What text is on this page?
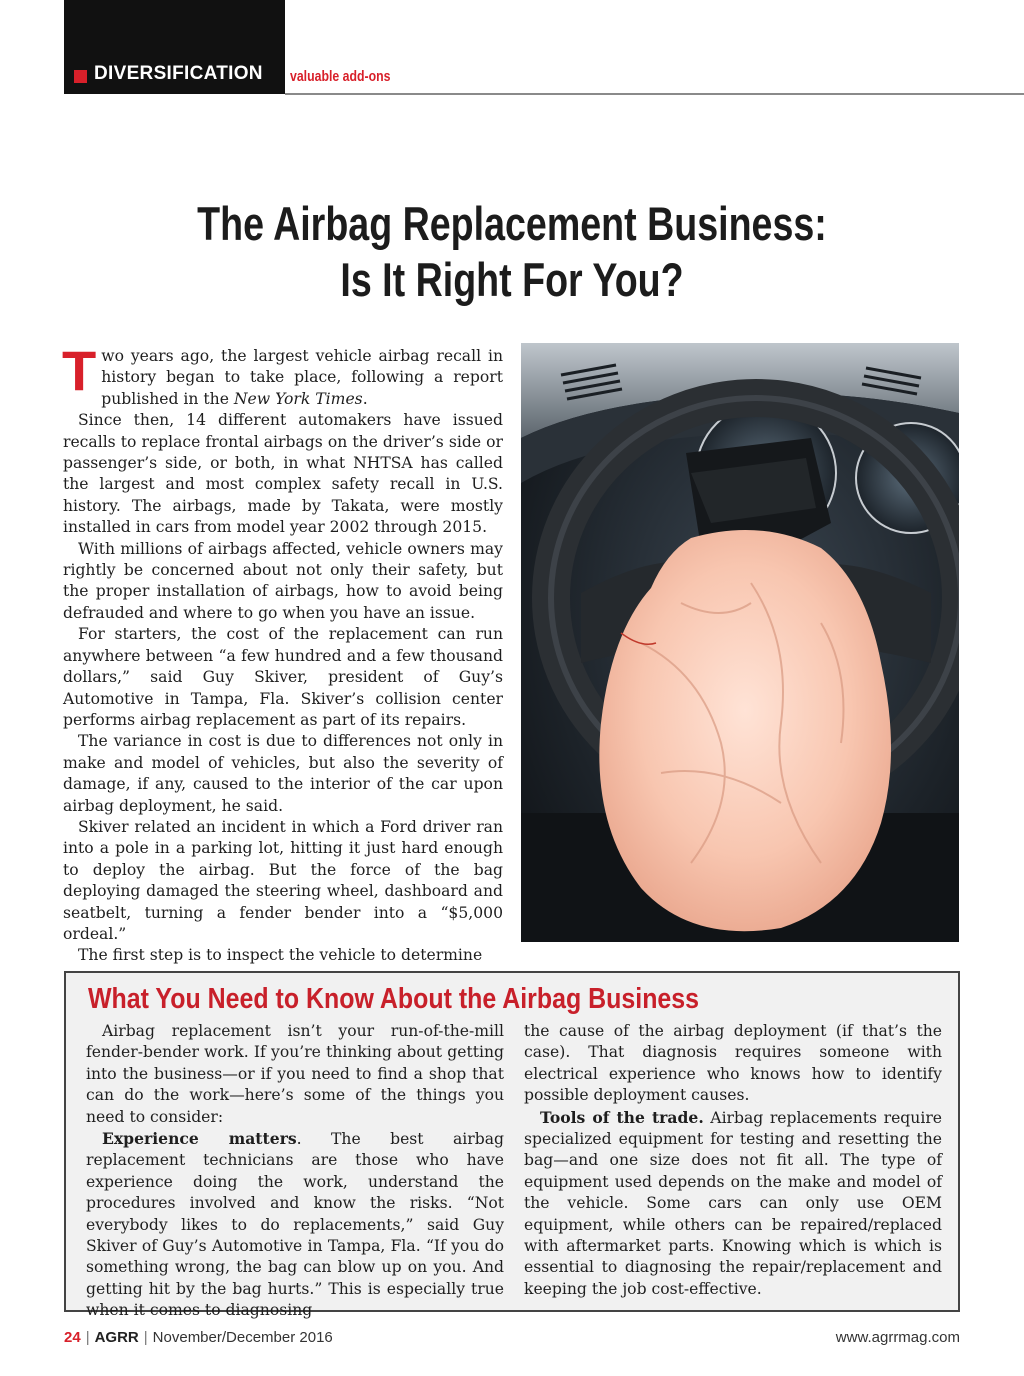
DIVERSIFICATION valuable add-ons
The Airbag Replacement Business:
Is It Right For You?

Two years ago, the largest vehicle airbag recall in history began to take place, following a report published in the New York Times.

Since then, 14 different automakers have issued recalls to replace frontal airbags on the driver’s side or passenger’s side, or both, in what NHTSA has called the largest and most complex safety recall in U.S. history. The airbags, made by Takata, were mostly installed in cars from model year 2002 through 2015.

With millions of airbags affected, vehicle owners may rightly be concerned about not only their safety, but the proper installation of airbags, how to avoid being defrauded and where to go when you have an issue.

For starters, the cost of the replacement can run anywhere between “a few hundred and a few thousand dollars,” said Guy Skiver, president of Guy’s Automotive in Tampa, Fla. Skiver’s collision center performs airbag replacement as part of its repairs.

The variance in cost is due to differences not only in make and model of vehicles, but also the severity of damage, if any, caused to the interior of the car upon airbag deployment, he said.

Skiver related an incident in which a Ford driver ran into a pole in a parking lot, hitting it just hard enough to deploy the airbag. But the force of the bag deploying damaged the steering wheel, dashboard and seatbelt, turning a fender bender into a “$5,000 ordeal.”

The first step is to inspect the vehicle to determine

What You Need to Know About the Airbag Business

Airbag replacement isn’t your run-of-the-mill fender-bender work. If you’re thinking about getting into the business—or if you need to find a shop that can do the work—here’s some of the things you need to consider:

Experience matters. The best airbag replacement technicians are those who have experience doing the work, understand the procedures involved and know the risks. “Not everybody likes to do replacements,” said Guy Skiver of Guy’s Automotive in Tampa, Fla. “If you do something wrong, the bag can blow up on you. And getting hit by the bag hurts.” This is especially true when it comes to diagnosing

the cause of the airbag deployment (if that’s the case). That diagnosis requires someone with electrical experience who knows how to identify possible deployment causes.

Tools of the trade. Airbag replacements require specialized equipment for testing and resetting the bag—and one size does not fit all. The type of equipment used depends on the make and model of the vehicle. Some cars can only use OEM equipment, while others can be repaired/replaced with aftermarket parts. Knowing which is which is essential to diagnosing the repair/replacement and keeping the job cost-effective.

24 | AGRR | November/December 2016	www.agrrmag.com
